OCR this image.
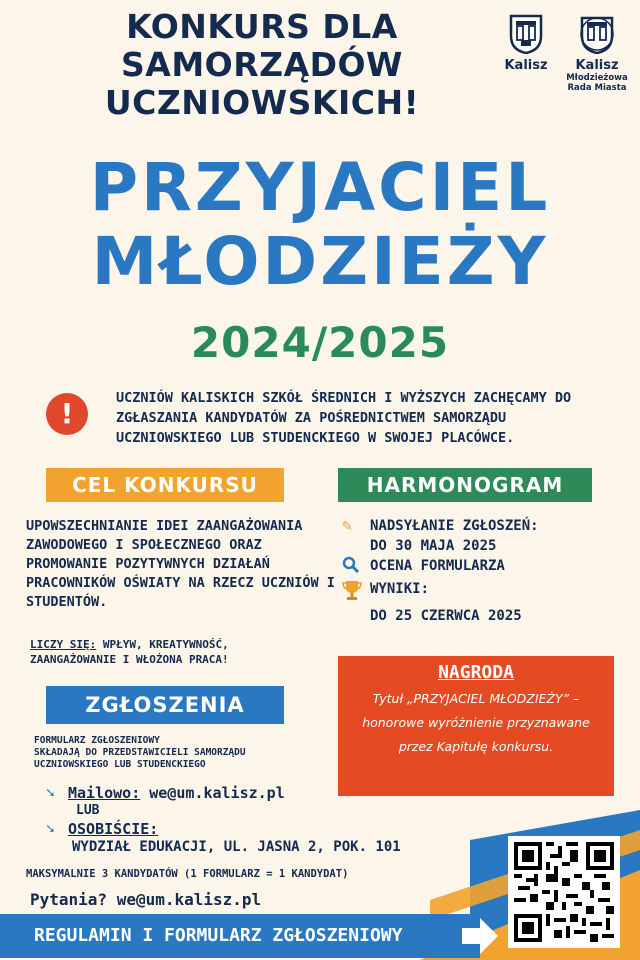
KONKURS DLA
SAMORZĄDÓW
UCZNIOWSKICH!
Kalisz	Kalisz
Młodzieżowa Rada Miasta
PRZYJACIEL
MŁODZIEŻY
2024/2025
!	UCZNIÓW KALISKICH SZKÓŁ ŚREDNICH I WYŻSZYCH ZACHĘCAMY DO ZGŁASZANIA KANDYDATÓW ZA POŚREDNICTWEM SAMORZĄDU UCZNIOWSKIEGO LUB STUDENCKIEGO W SWOJEJ PLACÓWCE.
CEL KONKURSU
UPOWSZECHNIANIE IDEI ZAANGAŻOWANIA ZAWODOWEGO I SPOŁECZNEGO ORAZ PROMOWANIE POZYTYWNYCH DZIAŁAŃ PRACOWNIKÓW OŚWIATY NA RZECZ UCZNIÓW I STUDENTÓW.
LICZY SIĘ: WPŁYW, KREATYWNOŚĆ, ZAANGAŻOWANIE I WŁOŻONA PRACA!
HARMONOGRAM
✎	NADSYŁANIE ZGŁOSZEŃ:
DO 30 MAJA 2025
OCENA FORMULARZA
WYNIKI:
DO 25 CZERWCA 2025
NAGRODA
Tytuł „PRZYJACIEL MŁODZIEŻY” – honorowe wyróżnienie przyznawane przez Kapitułę konkursu.
ZGŁOSZENIA
FORMULARZ ZGŁOSZENIOWY
SKŁADAJĄ DO PRZEDSTAWICIELI SAMORZĄDU UCZNIOWSKIEGO LUB STUDENCKIEGO
➘ Mailowo:
we@um.kalisz.pl
LUB
➘ OSOBIŚCIE:
WYDZIAŁ EDUKACJI, UL. JASNA 2, POK. 101
MAKSYMALNIE 3 KANDYDATÓW (1 FORMULARZ = 1 KANDYDAT)
Pytania? we@um.kalisz.pl
REGULAMIN I FORMULARZ ZGŁOSZENIOWY
